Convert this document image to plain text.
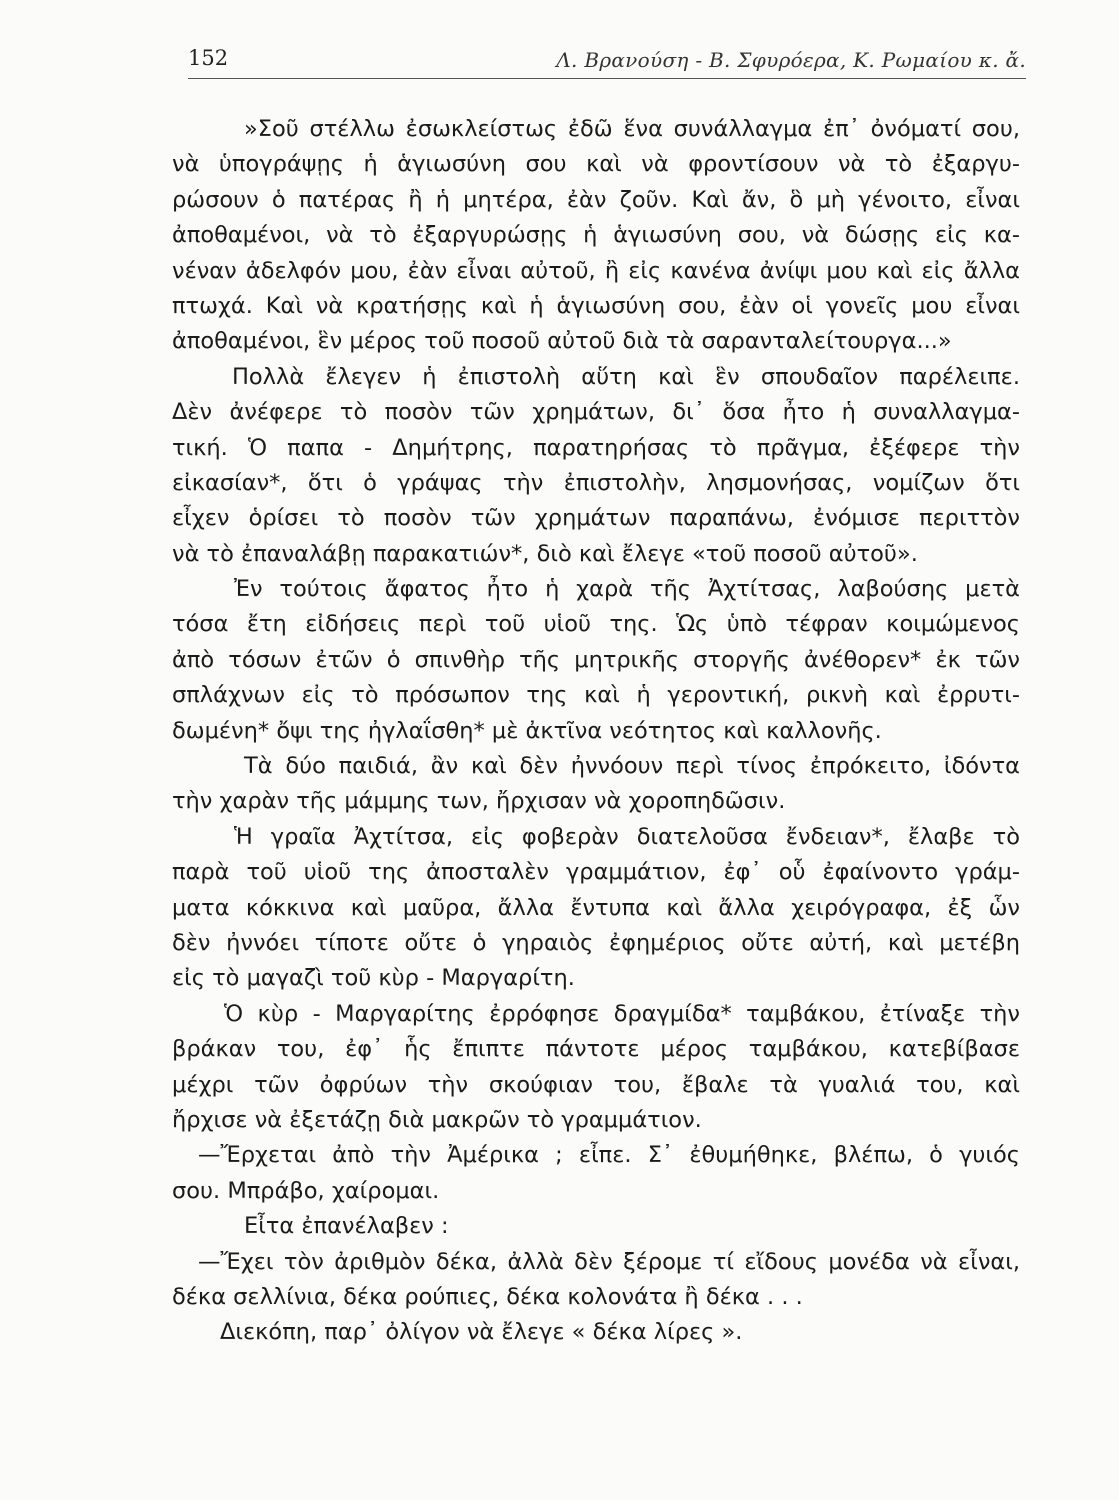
152	Λ. Βρανούση - Β. Σφυρόερα, Κ. Ρωμαίου κ. ἄ.
»Σοῦ στέλλω ἐσωκλείστως ἐδῶ ἕνα συνάλλαγμα ἐπ᾽ ὀνόματί σου,
νὰ ὑπογράψῃς ἡ ἁγιωσύνη σου καὶ νὰ φροντίσουν νὰ τὸ ἐξαργυ-
ρώσουν ὁ πατέρας ἢ ἡ μητέρα, ἐὰν ζοῦν. Καὶ ἄν, ὃ μὴ γένοιτο, εἶναι
ἀποθαμένοι, νὰ τὸ ἐξαργυρώσῃς ἡ ἁγιωσύνη σου, νὰ δώσῃς εἰς κα-
νέναν ἀδελφόν μου, ἐὰν εἶναι αὐτοῦ, ἢ εἰς κανένα ἀνίψι μου καὶ εἰς ἄλλα
πτωχά. Καὶ νὰ κρατήσῃς καὶ ἡ ἁγιωσύνη σου, ἐὰν οἱ γονεῖς μου εἶναι
ἀποθαμένοι, ἓν μέρος τοῦ ποσοῦ αὐτοῦ διὰ τὰ σαρανταλείτουργα...»
Πολλὰ ἔλεγεν ἡ ἐπιστολὴ αὕτη καὶ ἓν σπουδαῖον παρέλειπε.
Δὲν ἀνέφερε τὸ ποσὸν τῶν χρημάτων, δι᾽ ὅσα ἦτο ἡ συναλλαγμα-
τική. Ὁ παπα - Δημήτρης, παρατηρήσας τὸ πρᾶγμα, ἐξέφερε τὴν
εἰκασίαν*, ὅτι ὁ γράψας τὴν ἐπιστολὴν, λησμονήσας, νομίζων ὅτι
εἶχεν ὁρίσει τὸ ποσὸν τῶν χρημάτων παραπάνω, ἐνόμισε περιττὸν
νὰ τὸ ἐπαναλάβῃ παρακατιών*, διὸ καὶ ἔλεγε «τοῦ ποσοῦ αὐτοῦ».
Ἐν τούτοις ἄφατος ἦτο ἡ χαρὰ τῆς Ἀχτίτσας, λαβούσης μετὰ
τόσα ἔτη εἰδήσεις περὶ τοῦ υἱοῦ της. Ὡς ὑπὸ τέφραν κοιμώμενος
ἀπὸ τόσων ἐτῶν ὁ σπινθὴρ τῆς μητρικῆς στοργῆς ἀνέθορεν* ἐκ τῶν
σπλάχνων εἰς τὸ πρόσωπον της καὶ ἡ γεροντική, ρικνὴ καὶ ἐρρυτι-
δωμένη* ὄψι της ἠγλαΐσθη* μὲ ἀκτῖνα νεότητος καὶ καλλονῆς.
Τὰ δύο παιδιά, ἂν καὶ δὲν ἠννόουν περὶ τίνος ἐπρόκειτο, ἰδόντα
τὴν χαρὰν τῆς μάμμης των, ἤρχισαν νὰ χοροπηδῶσιν.
Ἡ γραῖα Ἀχτίτσα, εἰς φοβερὰν διατελοῦσα ἔνδειαν*, ἔλαβε τὸ
παρὰ τοῦ υἱοῦ της ἀποσταλὲν γραμμάτιον, ἐφ᾽ οὗ ἐφαίνοντο γράμ-
ματα κόκκινα καὶ μαῦρα, ἄλλα ἔντυπα καὶ ἄλλα χειρόγραφα, ἐξ ὧν
δὲν ἠννόει τίποτε οὔτε ὁ γηραιὸς ἐφημέριος οὔτε αὐτή, καὶ μετέβη
εἰς τὸ μαγαζὶ τοῦ κὺρ - Μαργαρίτη.
Ὁ κὺρ - Μαργαρίτης ἐρρόφησε δραγμίδα* ταμβάκου, ἐτίναξε τὴν
βράκαν του, ἐφ᾽ ἧς ἔπιπτε πάντοτε μέρος ταμβάκου, κατεβίβασε
μέχρι τῶν ὀφρύων τὴν σκούφιαν του, ἔβαλε τὰ γυαλιά του, καὶ
ἤρχισε νὰ ἐξετάζῃ διὰ μακρῶν τὸ γραμμάτιον.
—Ἔρχεται ἀπὸ τὴν Ἀμέρικα ; εἶπε. Σ᾽ ἐθυμήθηκε, βλέπω, ὁ γυιός
σου. Μπράβο, χαίρομαι.
Εἶτα ἐπανέλαβεν :
—Ἔχει τὸν ἀριθμὸν δέκα, ἀλλὰ δὲν ξέρομε τί εἴδους μονέδα νὰ εἶναι,
δέκα σελλίνια, δέκα ρούπιες, δέκα κολονάτα ἢ δέκα . . .
Διεκόπη, παρ᾽ ὀλίγον νὰ ἔλεγε « δέκα λίρες ».
